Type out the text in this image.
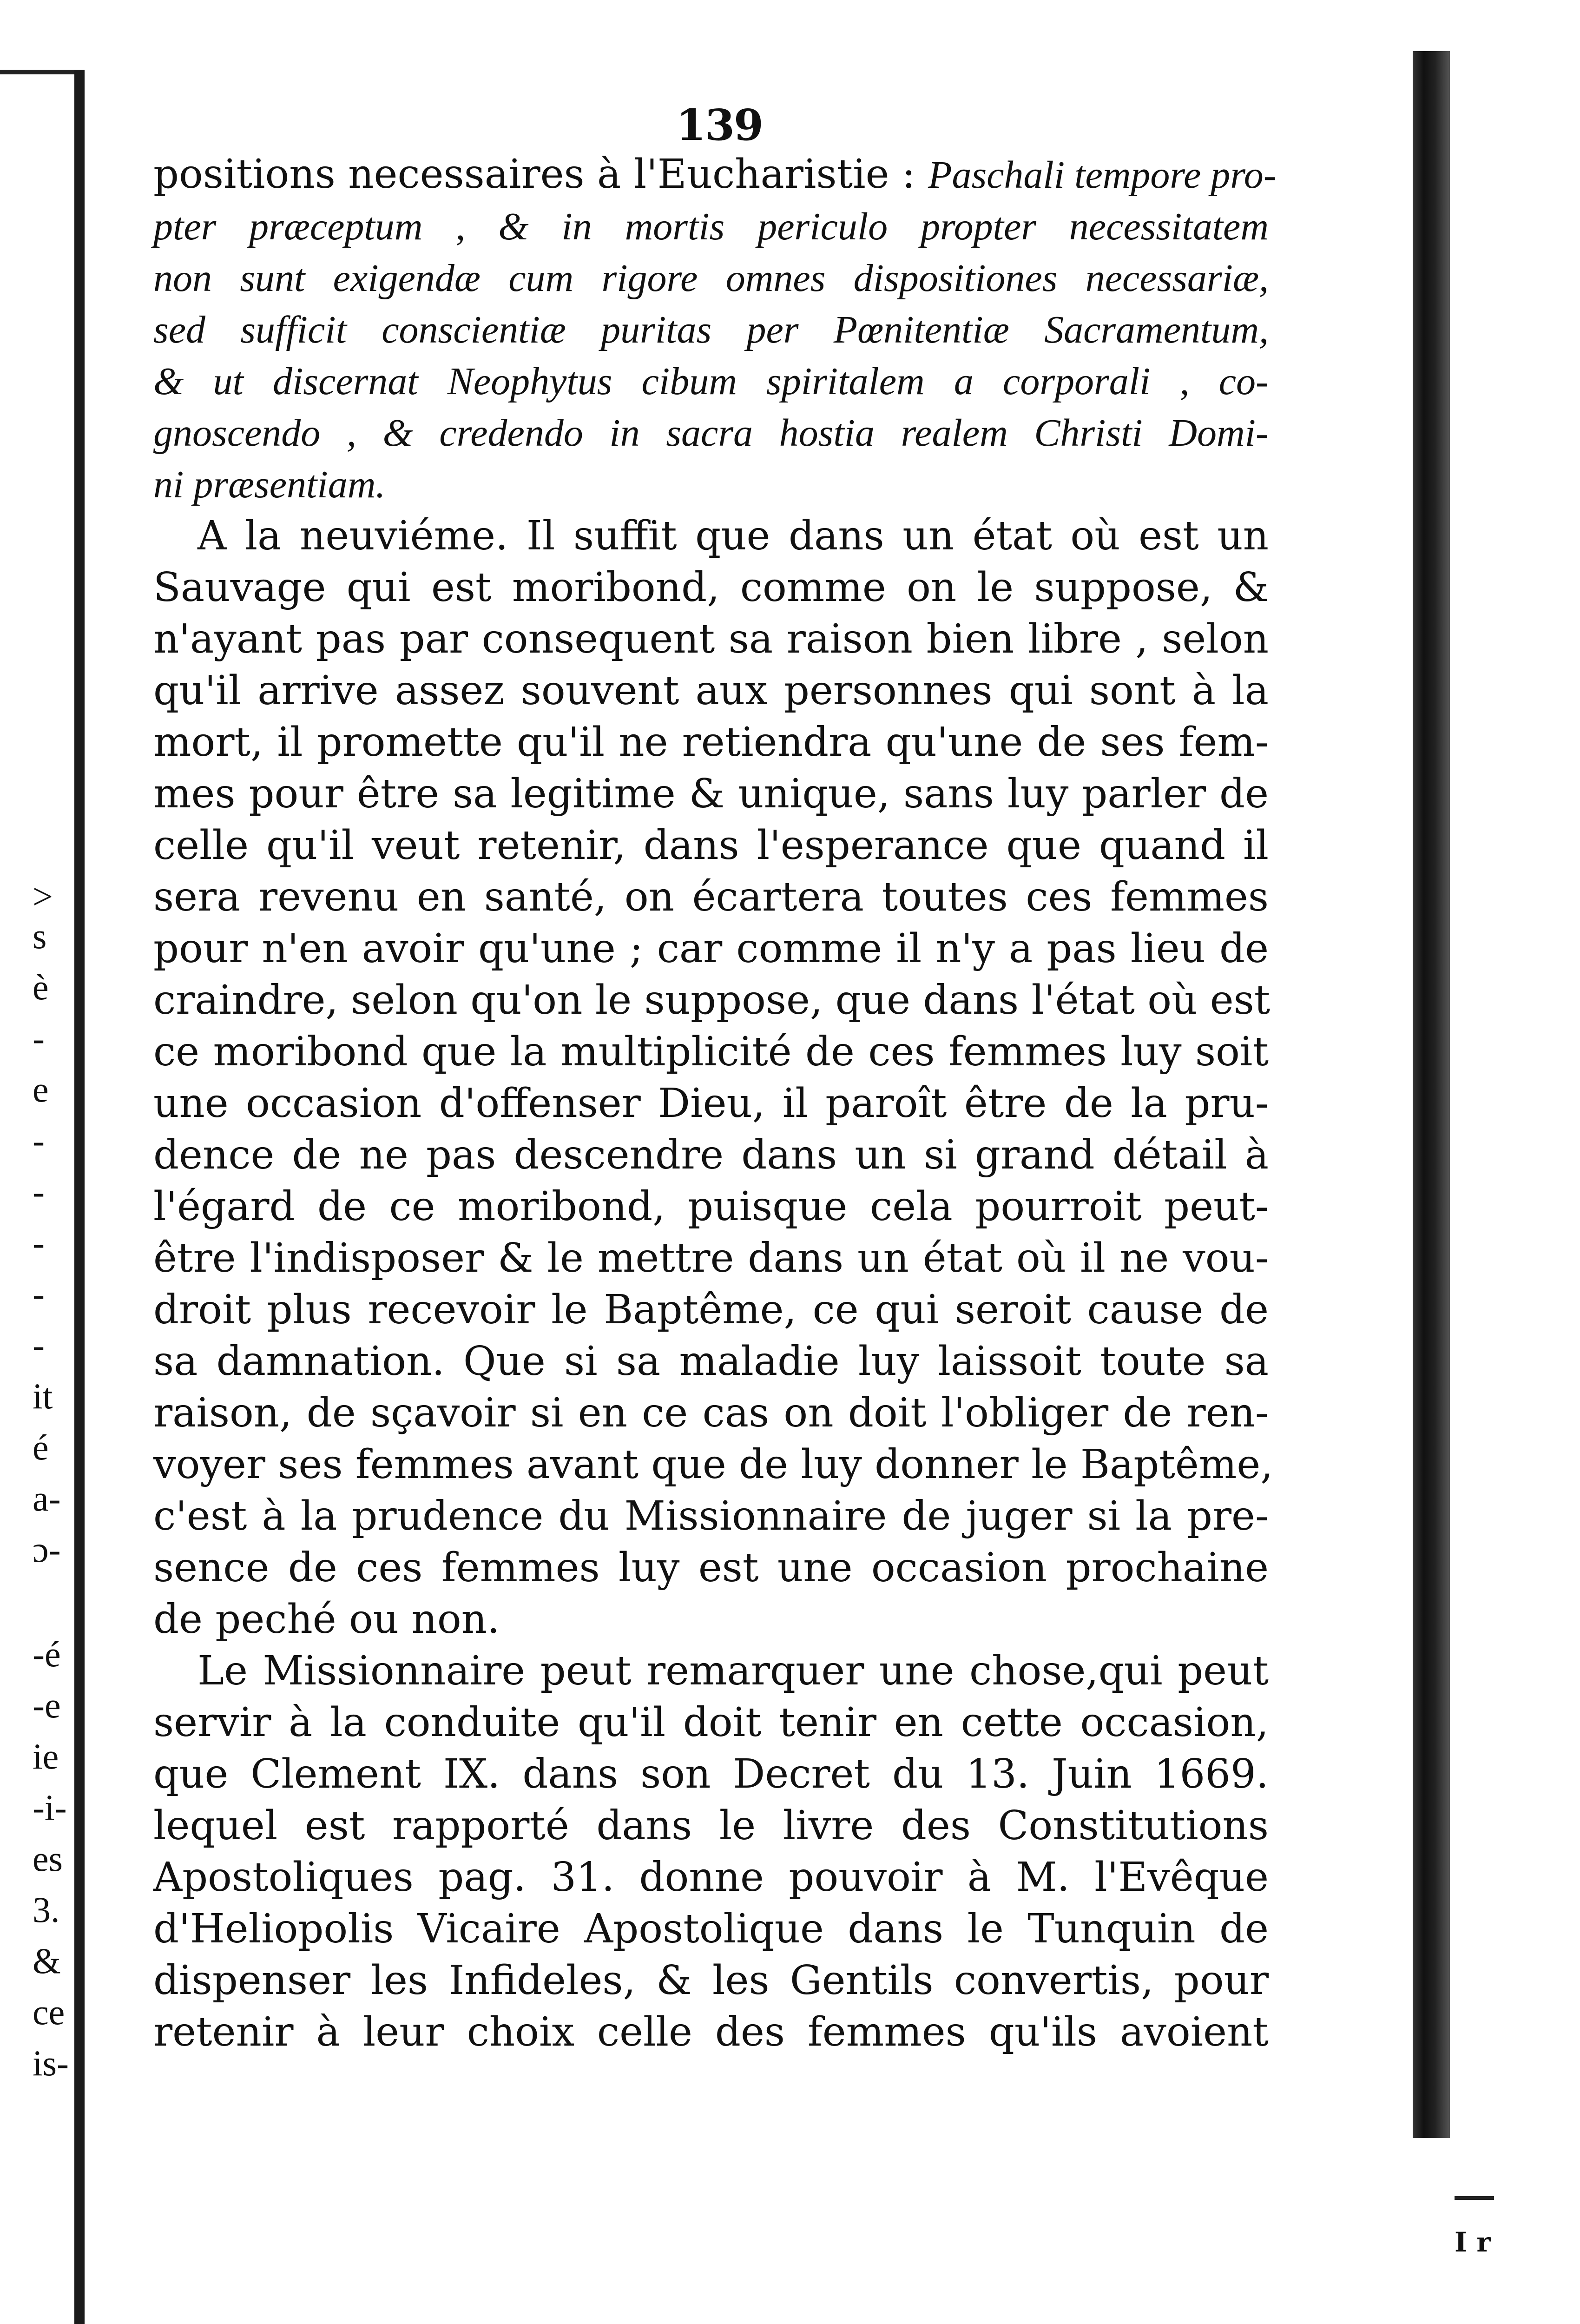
I r
>
s
è
-
e
-
-
-
-
-
it
é
a-
ɔ-
-é
-e
ie
-i-
es
3.
&
ce
is-
139
positions necessaires à l'Eucharistie : Paschali tempore pro-
pter præceptum , & in mortis periculo propter necessitatem
non sunt exigendæ cum rigore omnes dispositiones necessariæ,
sed sufficit conscientiæ puritas per Pœnitentiæ Sacramentum,
& ut discernat Neophytus cibum spiritalem a corporali , co-
gnoscendo , & credendo in sacra hostia realem Christi Domi-
ni præsentiam.
A la neuviéme. Il suffit que dans un état où est un
Sauvage qui est moribond, comme on le suppose, &
n'ayant pas par consequent sa raison bien libre , selon
qu'il arrive assez souvent aux personnes qui sont à la
mort, il promette qu'il ne retiendra qu'une de ses fem-
mes pour être sa legitime & unique, sans luy parler de
celle qu'il veut retenir, dans l'esperance que quand il
sera revenu en santé, on écartera toutes ces femmes
pour n'en avoir qu'une ; car comme il n'y a pas lieu de
craindre, selon qu'on le suppose, que dans l'état où est
ce moribond que la multiplicité de ces femmes luy soit
une occasion d'offenser Dieu, il paroît être de la pru-
dence de ne pas descendre dans un si grand détail à
l'égard de ce moribond, puisque cela pourroit peut-
être l'indisposer & le mettre dans un état où il ne vou-
droit plus recevoir le Baptême, ce qui seroit cause de
sa damnation. Que si sa maladie luy laissoit toute sa
raison, de sçavoir si en ce cas on doit l'obliger de ren-
voyer ses femmes avant que de luy donner le Baptême,
c'est à la prudence du Missionnaire de juger si la pre-
sence de ces femmes luy est une occasion prochaine
de peché ou non.
Le Missionnaire peut remarquer une chose,qui peut
servir à la conduite qu'il doit tenir en cette occasion,
que Clement IX. dans son Decret du 13. Juin 1669.
lequel est rapporté dans le livre des Constitutions
Apostoliques pag. 31. donne pouvoir à M. l'Evêque
d'Heliopolis Vicaire Apostolique dans le Tunquin de
dispenser les Infideles, & les Gentils convertis, pour
retenir à leur choix celle des femmes qu'ils avoient
